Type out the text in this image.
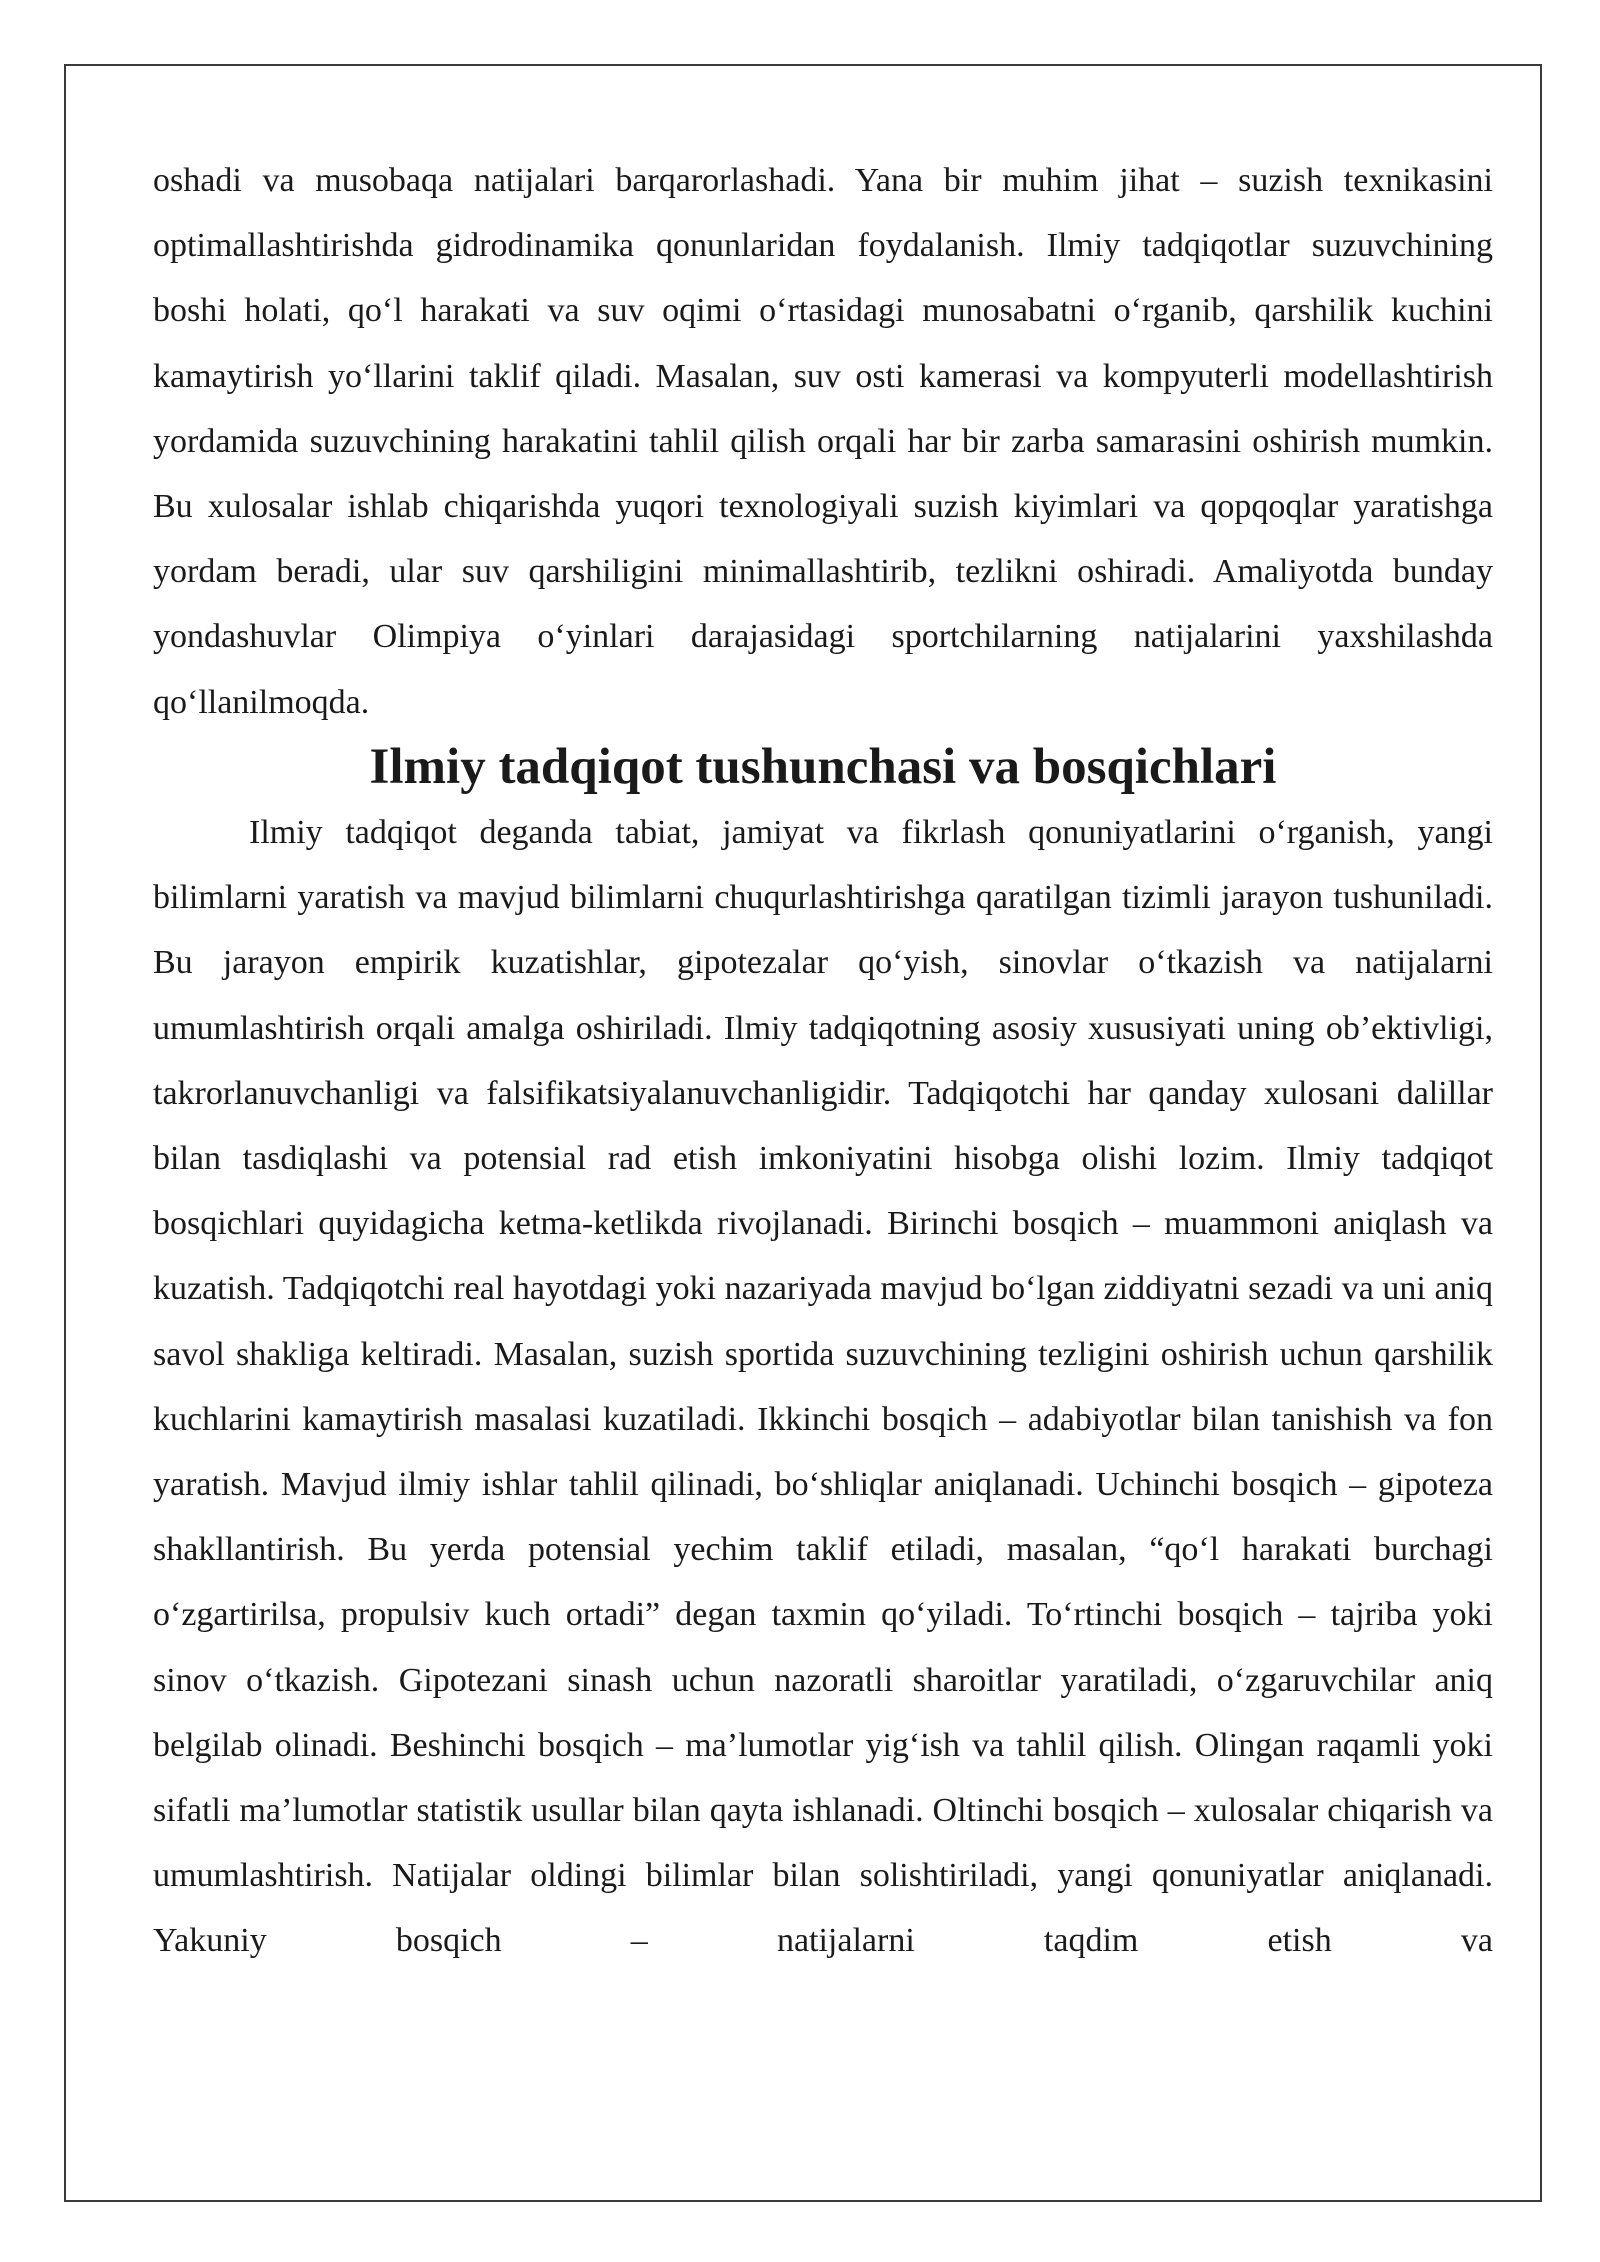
oshadi va musobaqa natijalari barqarorlashadi. Yana bir muhim jihat – suzish texnikasini optimallashtirishda gidrodinamika qonunlaridan foydalanish. Ilmiy tadqiqotlar suzuvchining boshi holati, qo‘l harakati va suv oqimi o‘rtasidagi munosabatni o‘rganib, qarshilik kuchini kamaytirish yo‘llarini taklif qiladi. Masalan, suv osti kamerasi va kompyuterli modellashtirish yordamida suzuvchining harakatini tahlil qilish orqali har bir zarba samarasini oshirish mumkin. Bu xulosalar ishlab chiqarishda yuqori texnologiyali suzish kiyimlari va qopqoqlar yaratishga yordam beradi, ular suv qarshiligini minimallashtirib, tezlikni oshiradi. Amaliyotda bunday yondashuvlar Olimpiya o‘yinlari darajasidagi sportchilarning natijalarini yaxshilashda qo‘llanilmoqda.

Ilmiy tadqiqot tushunchasi va bosqichlari

Ilmiy tadqiqot deganda tabiat, jamiyat va fikrlash qonuniyatlarini o‘rganish, yangi bilimlarni yaratish va mavjud bilimlarni chuqurlashtirishga qaratilgan tizimli jarayon tushuniladi. Bu jarayon empirik kuzatishlar, gipotezalar qo‘yish, sinovlar o‘tkazish va natijalarni umumlashtirish orqali amalga oshiriladi. Ilmiy tadqiqotning asosiy xususiyati uning ob’ektivligi, takrorlanuvchanligi va falsifikatsiyalanuvchanligidir. Tadqiqotchi har qanday xulosani dalillar bilan tasdiqlashi va potensial rad etish imkoniyatini hisobga olishi lozim. Ilmiy tadqiqot bosqichlari quyidagicha ketma-ketlikda rivojlanadi. Birinchi bosqich – muammoni aniqlash va kuzatish. Tadqiqotchi real hayotdagi yoki nazariyada mavjud bo‘lgan ziddiyatni sezadi va uni aniq savol shakliga keltiradi. Masalan, suzish sportida suzuvchining tezligini oshirish uchun qarshilik kuchlarini kamaytirish masalasi kuzatiladi. Ikkinchi bosqich – adabiyotlar bilan tanishish va fon yaratish. Mavjud ilmiy ishlar tahlil qilinadi, bo‘shliqlar aniqlanadi. Uchinchi bosqich – gipoteza shakllantirish. Bu yerda potensial yechim taklif etiladi, masalan, “qo‘l harakati burchagi o‘zgartirilsa, propulsiv kuch ortadi” degan taxmin qo‘yiladi. To‘rtinchi bosqich – tajriba yoki sinov o‘tkazish. Gipotezani sinash uchun nazoratli sharoitlar yaratiladi, o‘zgaruvchilar aniq belgilab olinadi. Beshinchi bosqich – ma’lumotlar yig‘ish va tahlil qilish. Olingan raqamli yoki sifatli ma’lumotlar statistik usullar bilan qayta ishlanadi. Oltinchi bosqich – xulosalar chiqarish va umumlashtirish. Natijalar oldingi bilimlar bilan solishtiriladi, yangi qonuniyatlar aniqlanadi. Yakuniy bosqich – natijalarni taqdim etish va
